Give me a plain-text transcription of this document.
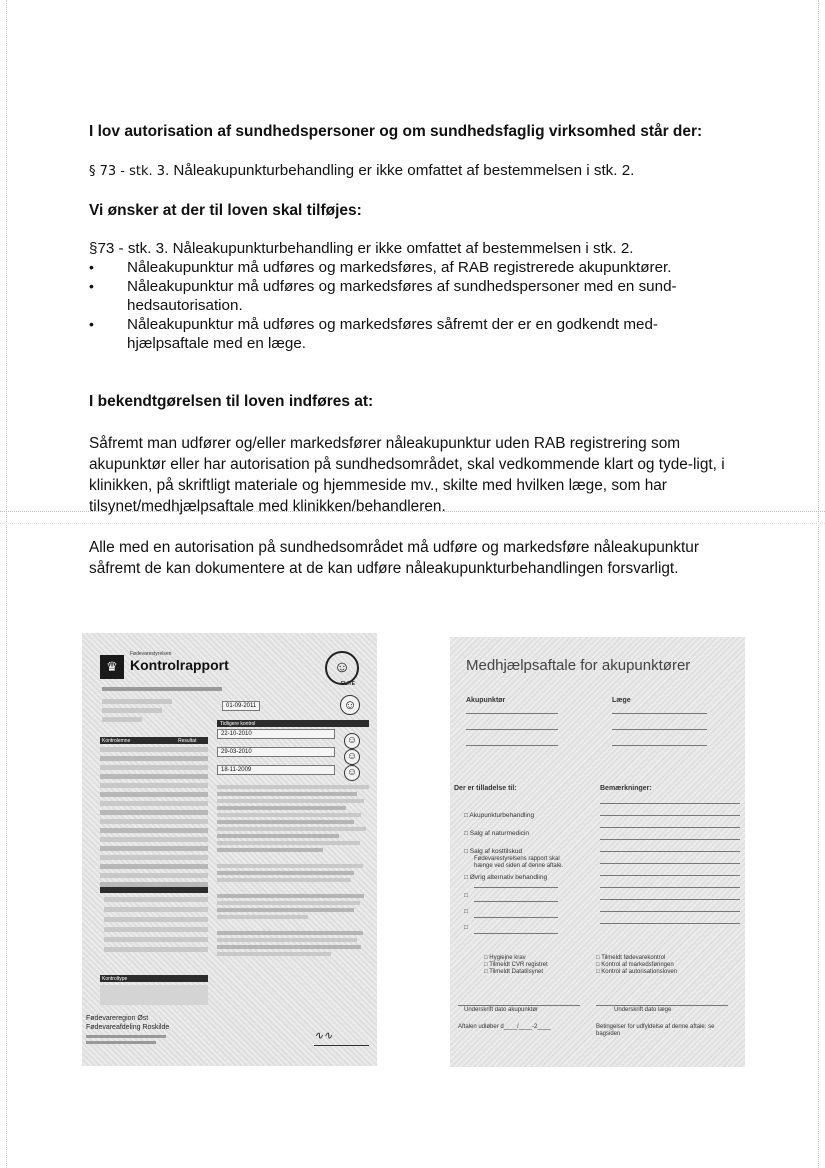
I lov autorisation af sundhedspersoner og om sundhedsfaglig virksomhed står der:

§ 73 - stk. 3. Nåleakupunkturbehandling er ikke omfattet af bestemmelsen i stk. 2.

Vi ønsker at der til loven skal tilføjes:

§73 - stk. 3. Nåleakupunkturbehandling er ikke omfattet af bestemmelsen i stk. 2.

• Nåleakupunktur må udføres og markedsføres, af RAB registrerede akupunktører.
• Nåleakupunktur må udføres og markedsføres af sundhedspersoner med en sund-hedsautorisation.
• Nåleakupunktur må udføres og markedsføres såfremt der er en godkendt med-hjælpsaftale med en læge.

I bekendtgørelsen til loven indføres at:

Såfremt man udfører og/eller markedsfører nåleakupunktur uden RAB registrering som akupunktør eller har autorisation på sundhedsområdet, skal vedkommende klart og tyde-ligt, i klinikken, på skriftligt materiale og hjemmeside mv., skilte med hvilken læge, som har tilsynet/medhjælpsaftale med klinikken/behandleren.

Alle med en autorisation på sundhedsområdet må udføre og markedsføre nåleakupunktur såfremt de kan dokumentere at de kan udføre nåleakupunkturbehandlingen forsvarligt.

♛
Fødevarestyrelsen
Kontrolrapport	☺
ELITE
01-09-2011	☺
Tidligere kontrol
22-10-2010
☺
29-03-2010	☺
18-11-2009	☺
Kontrolemne	Resultat
Kontroltype
Fødevareregion Øst
Fødevareafdeling Roskilde
∿∿
Medhjælpsaftale for akupunktører
Akupunktør	Læge
Der er tilladelse til:	Bemærkninger:
□ Akupunkturbehandling
□ Salg af naturmedicin
□ Salg af kosttilskud
Fødevarestyrelsens rapport skal
hænge ved siden af denne aftale.
□ Øvrig alternativ behandling
□
□
□
□ Hygiejne krav
□ Tilmeldt CVR registret
□ Tilmeldt Datatilsynet
□ Tilmeldt fødevarekontrol
□ Kontrol af markedsføringen
□ Kontrol af autorisationsloven
Underskrift dato akupunktør	Underskrift dato læge
Aftalen udløber d____/____-2____	Betingelser for udfyldelse af denne aftale: se bagsiden
